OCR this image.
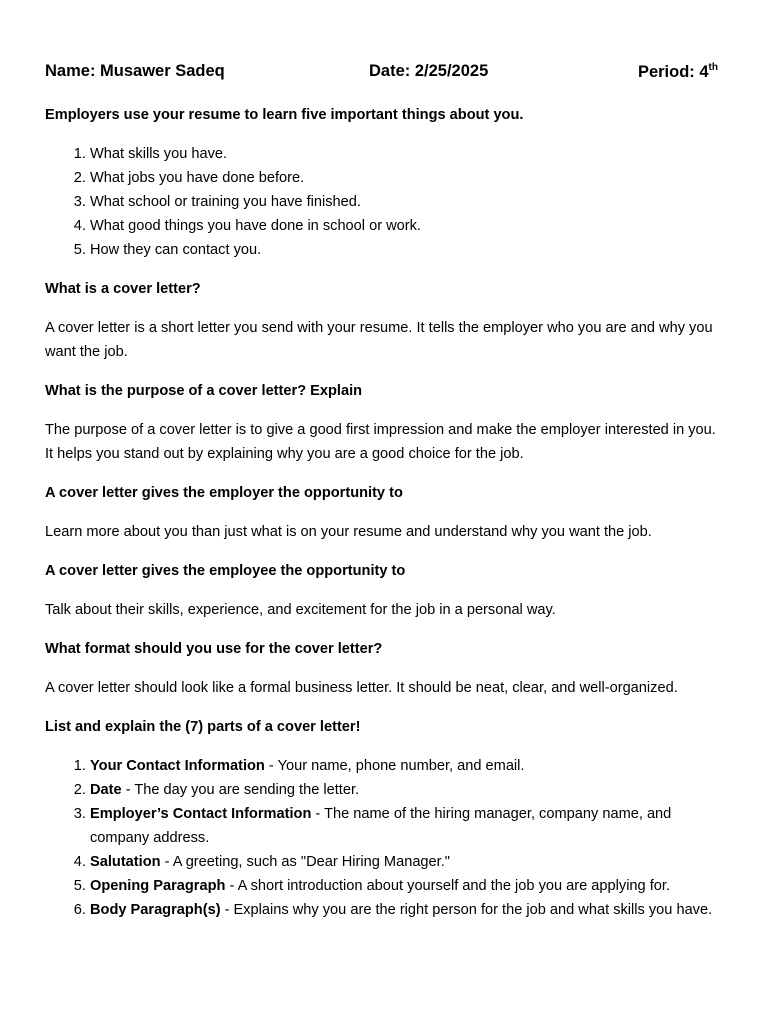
Name: Musawer Sadeq	Date: 2/25/2025	Period: 4th
Employers use your resume to learn five important things about you.
1. What skills you have.
2. What jobs you have done before.
3. What school or training you have finished.
4. What good things you have done in school or work.
5. How they can contact you.
What is a cover letter?
A cover letter is a short letter you send with your resume. It tells the employer who you are and why you want the job.
What is the purpose of a cover letter? Explain
The purpose of a cover letter is to give a good first impression and make the employer interested in you. It helps you stand out by explaining why you are a good choice for the job.
A cover letter gives the employer the opportunity to
Learn more about you than just what is on your resume and understand why you want the job.
A cover letter gives the employee the opportunity to
Talk about their skills, experience, and excitement for the job in a personal way.
What format should you use for the cover letter?
A cover letter should look like a formal business letter. It should be neat, clear, and well-organized.
List and explain the (7) parts of a cover letter!
1. Your Contact Information - Your name, phone number, and email.
2. Date - The day you are sending the letter.
3. Employer’s Contact Information - The name of the hiring manager, company name, and company address.
4. Salutation - A greeting, such as "Dear Hiring Manager."
5. Opening Paragraph - A short introduction about yourself and the job you are applying for.
6. Body Paragraph(s) - Explains why you are the right person for the job and what skills you have.
